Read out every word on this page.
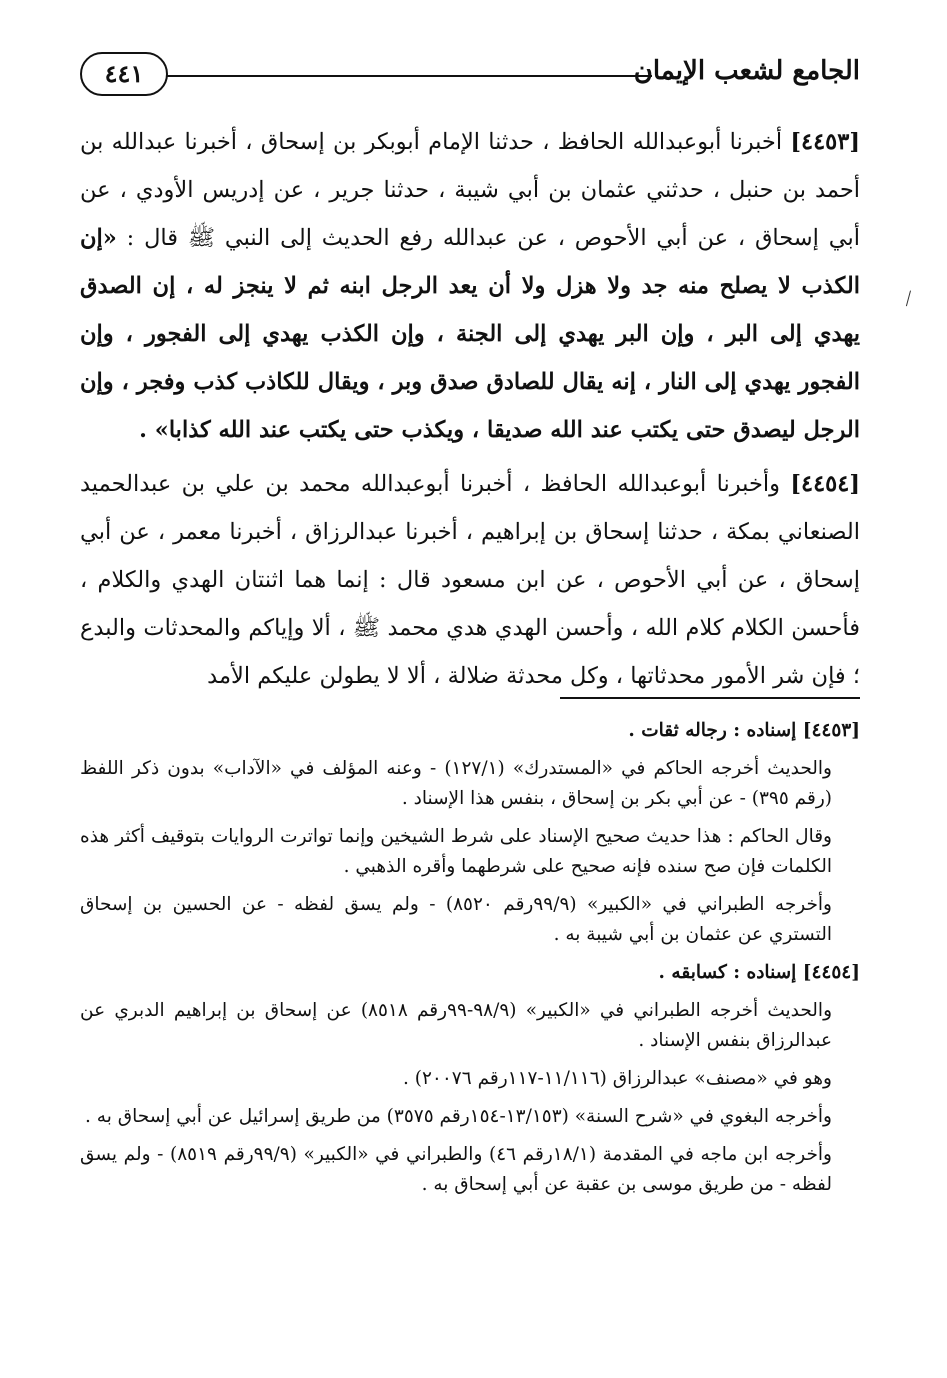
الجامع لشعب الإيمان
٤٤١

[٤٤٥٣] أخبرنا أبوعبدالله الحافظ ، حدثنا الإمام أبوبكر بن إسحاق ، أخبرنا عبدالله بن أحمد بن حنبل ، حدثني عثمان بن أبي شيبة ، حدثنا جرير ، عن إدريس الأودي ، عن أبي إسحاق ، عن أبي الأحوص ، عن عبدالله رفع الحديث إلى النبي ﷺ قال : «إن الكذب لا يصلح منه جد ولا هزل ولا أن يعد الرجل ابنه ثم لا ينجز له ، إن الصدق يهدي إلى البر ، وإن البر يهدي إلى الجنة ، وإن الكذب يهدي إلى الفجور ، وإن الفجور يهدي إلى النار ، إنه يقال للصادق صدق وبر ، ويقال للكاذب كذب وفجر ، وإن الرجل ليصدق حتى يكتب عند الله صديقا ، ويكذب حتى يكتب عند الله كذابا» .

[٤٤٥٤] وأخبرنا أبوعبدالله الحافظ ، أخبرنا أبوعبدالله محمد بن علي بن عبدالحميد الصنعاني بمكة ، حدثنا إسحاق بن إبراهيم ، أخبرنا عبدالرزاق ، أخبرنا معمر ، عن أبي إسحاق ، عن أبي الأحوص ، عن ابن مسعود قال : إنما هما اثنتان الهدي والكلام ، فأحسن الكلام كلام الله ، وأحسن الهدي هدي محمد ﷺ ، ألا وإياكم والمحدثات والبدع ؛ فإن شر الأمور محدثاتها ، وكل محدثة ضلالة ، ألا لا يطولن عليكم الأمد

[٤٤٥٣] إسناده : رجاله ثقات .

والحديث أخرجه الحاكم في «المستدرك» (١٢٧/١) - وعنه المؤلف في «الآداب» بدون ذكر اللفظ (رقم ٣٩٥) - عن أبي بكر بن إسحاق ، بنفس هذا الإسناد .

وقال الحاكم : هذا حديث صحيح الإسناد على شرط الشيخين وإنما تواترت الروايات بتوقيف أكثر هذه الكلمات فإن صح سنده فإنه صحيح على شرطهما وأقره الذهبي .

وأخرجه الطبراني في «الكبير» (٩٩/٩رقم ٨٥٢٠) - ولم يسق لفظه - عن الحسين بن إسحاق التستري عن عثمان بن أبي شيبة به .

[٤٤٥٤] إسناده : كسابقه .

والحديث أخرجه الطبراني في «الكبير» (٩٨/٩-٩٩رقم ٨٥١٨) عن إسحاق بن إبراهيم الدبري عن عبدالرزاق بنفس الإسناد .

وهو في «مصنف» عبدالرزاق (١١/١١٦-١١٧رقم ٢٠٠٧٦) .

وأخرجه البغوي في «شرح السنة» (١٣/١٥٣-١٥٤رقم ٣٥٧٥) من طريق إسرائيل عن أبي إسحاق به .

وأخرجه ابن ماجه في المقدمة (١٨/١رقم ٤٦) والطبراني في «الكبير» (٩٩/٩رقم ٨٥١٩) - ولم يسق لفظه - من طريق موسى بن عقبة عن أبي إسحاق به .
